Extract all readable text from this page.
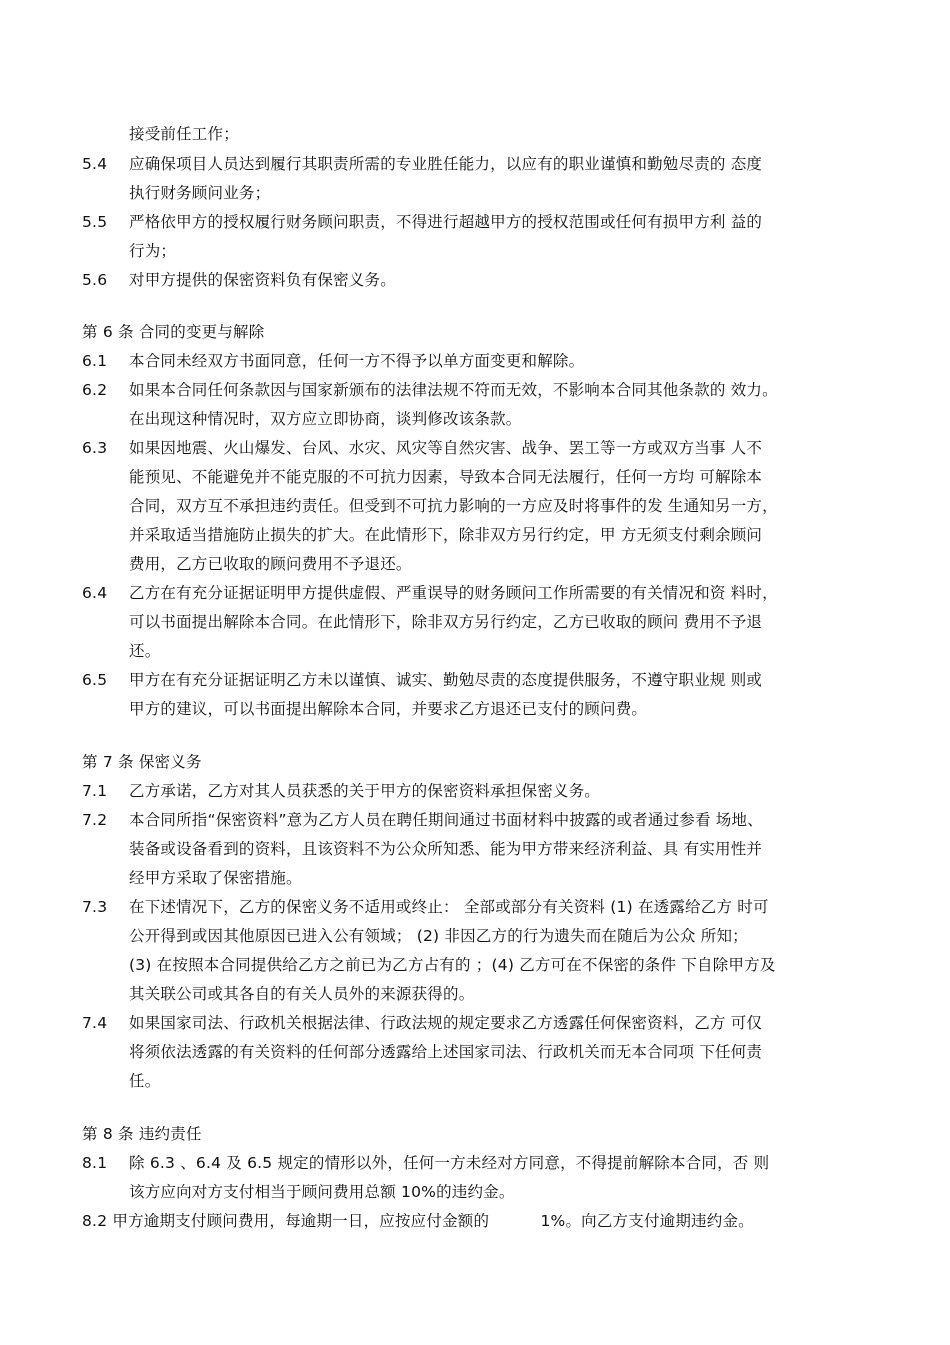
接受前任工作；
5.4 应确保项目人员达到履行其职责所需的专业胜任能力，以应有的职业谨慎和勤勉尽责的 态度
执行财务顾问业务；
5.5 严格依甲方的授权履行财务顾问职责，不得进行超越甲方的授权范围或任何有损甲方利 益的
行为；
5.6 对甲方提供的保密资料负有保密义务。
第 6 条 合同的变更与解除
6.1 本合同未经双方书面同意，任何一方不得予以单方面变更和解除。
6.2 如果本合同任何条款因与国家新颁布的法律法规不符而无效，不影响本合同其他条款的 效力。
在出现这种情况时，双方应立即协商，谈判修改该条款。
6.3 如果因地震、火山爆发、台风、水灾、风灾等自然灾害、战争、罢工等一方或双方当事 人不
能预见、不能避免并不能克服的不可抗力因素，导致本合同无法履行，任何一方均 可解除本
合同，双方互不承担违约责任。但受到不可抗力影响的一方应及时将事件的发 生通知另一方，
并采取适当措施防止损失的扩大。在此情形下，除非双方另行约定，甲 方无须支付剩余顾问
费用，乙方已收取的顾问费用不予退还。
6.4 乙方在有充分证据证明甲方提供虚假、严重误导的财务顾问工作所需要的有关情况和资 料时，
可以书面提出解除本合同。在此情形下，除非双方另行约定，乙方已收取的顾问 费用不予退
还。
6.5 甲方在有充分证据证明乙方未以谨慎、诚实、勤勉尽责的态度提供服务，不遵守职业规 则或
甲方的建议，可以书面提出解除本合同，并要求乙方退还已支付的顾问费。
第 7 条 保密义务
7.1 乙方承诺，乙方对其人员获悉的关于甲方的保密资料承担保密义务。
7.2 本合同所指“保密资料”意为乙方人员在聘任期间通过书面材料中披露的或者通过参看 场地、
装备或设备看到的资料，且该资料不为公众所知悉、能为甲方带来经济利益、具 有实用性并
经甲方采取了保密措施。
7.3 在下述情况下，乙方的保密义务不适用或终止： 全部或部分有关资料 (1) 在透露给乙方 时可
公开得到或因其他原因已进入公有领域； (2) 非因乙方的行为遗失而在随后为公众 所知；
(3) 在按照本合同提供给乙方之前已为乙方占有的 ；(4) 乙方可在不保密的条件 下自除甲方及
其关联公司或其各自的有关人员外的来源获得的。
7.4 如果国家司法、行政机关根据法律、行政法规的规定要求乙方透露任何保密资料，乙方 可仅
将须依法透露的有关资料的任何部分透露给上述国家司法、行政机关而无本合同项 下任何责
任。
第 8 条 违约责任
8.1 除 6.3 、6.4 及 6.5 规定的情形以外，任何一方未经对方同意，不得提前解除本合同，否 则
该方应向对方支付相当于顾问费用总额 10%的违约金。
8.2 甲方逾期支付顾问费用，每逾期一日，应按应付金额的          1%。向乙方支付逾期违约金。
